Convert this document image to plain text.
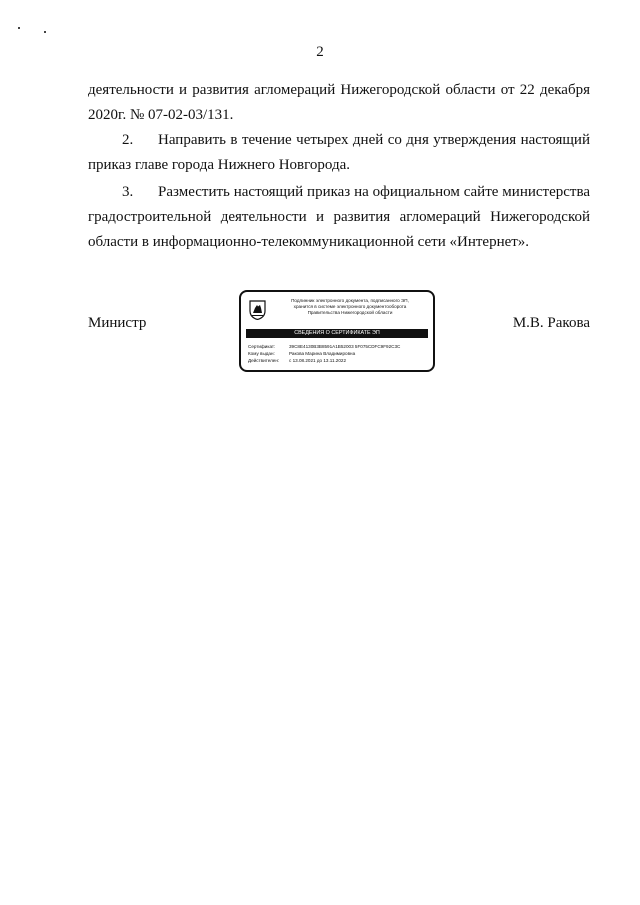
2
деятельности и развития агломераций Нижегородской области от 22 декабря
2020г. № 07-02-03/131.
2. Направить в течение четырех дней со дня утверждения настоящий
приказ главе города Нижнего Новгорода.
3. Разместить настоящий приказ на официальном сайте министерства
градостроительной деятельности и развития агломераций Нижегородской
области в информационно-телекоммуникационной сети «Интернет».
Министр	М.В. Ракова
Подлинник электронного документа, подписанного ЭП,
хранится в системе электронного документооборота
Правительства Нижегородской области
СВЕДЕНИЯ О СЕРТИФИКАТЕ ЭП
Сертификат:	39C8E4130B3B8591A1B52003 5F075CDFC9F92C3C
Кому выдан:	Ракова Марина Владимировна
Действителен: с 13.08.2021 до 13.11.2022
